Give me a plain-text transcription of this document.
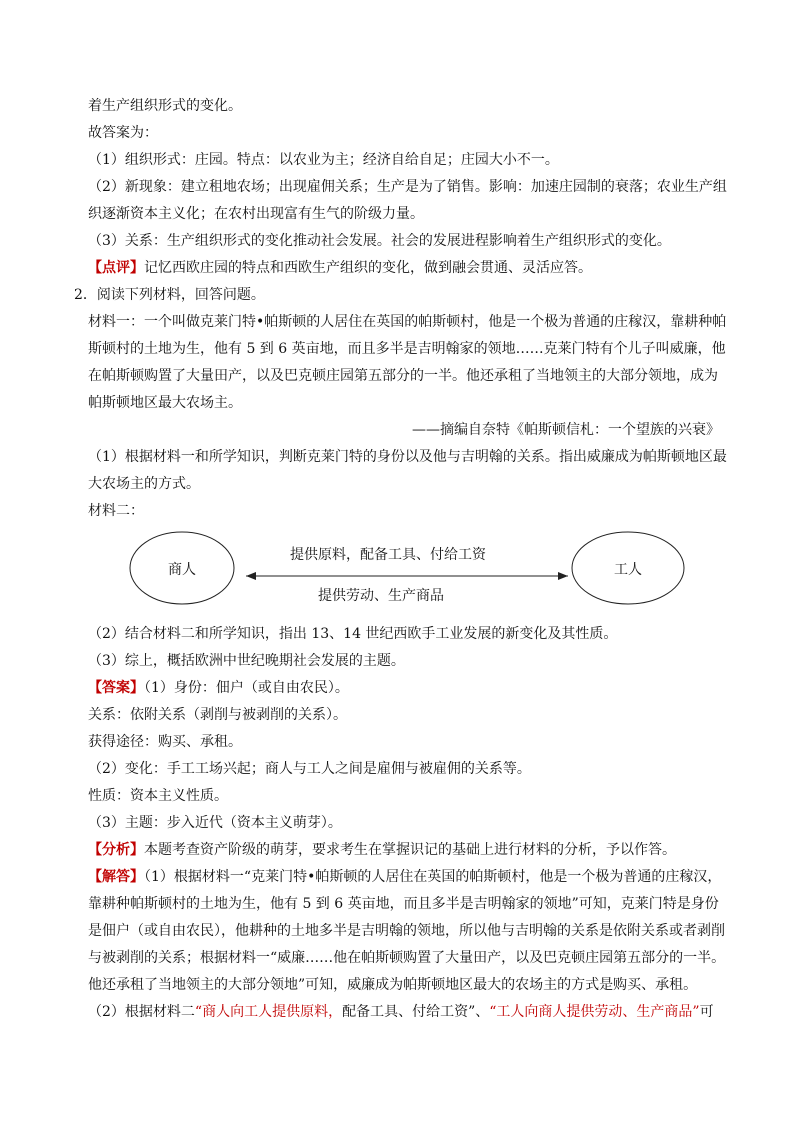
着生产组织形式的变化。
故答案为：
（1）组织形式：庄园。特点：以农业为主；经济自给自足；庄园大小不一。
（2）新现象：建立租地农场；出现雇佣关系；生产是为了销售。影响：加速庄园制的衰落；农业生产组
织逐渐资本主义化；在农村出现富有生气的阶级力量。
（3）关系：生产组织形式的变化推动社会发展。社会的发展进程影响着生产组织形式的变化。
【点评】记忆西欧庄园的特点和西欧生产组织的变化，做到融会贯通、灵活应答。
2．阅读下列材料，回答问题。
材料一：一个叫做克莱门特•帕斯顿的人居住在英国的帕斯顿村，他是一个极为普通的庄稼汉，靠耕种帕
斯顿村的土地为生，他有 5 到 6 英亩地，而且多半是吉明翰家的领地……克莱门特有个儿子叫威廉，他
在帕斯顿购置了大量田产，以及巴克顿庄园第五部分的一半。他还承租了当地领主的大部分领地，成为
帕斯顿地区最大农场主。
——摘编自奈特《帕斯顿信札：一个望族的兴衰》
（1）根据材料一和所学知识，判断克莱门特的身份以及他与吉明翰的关系。指出威廉成为帕斯顿地区最
大农场主的方式。
材料二：
商人	工人
提供原料，配备工具、付给工资
提供劳动、生产商品
（2）结合材料二和所学知识，指出 13、14 世纪西欧手工业发展的新变化及其性质。
（3）综上，概括欧洲中世纪晚期社会发展的主题。
【答案】（1）身份：佃户（或自由农民）。
关系：依附关系（剥削与被剥削的关系）。
获得途径：购买、承租。
（2）变化：手工工场兴起；商人与工人之间是雇佣与被雇佣的关系等。
性质：资本主义性质。
（3）主题：步入近代（资本主义萌芽）。
【分析】本题考查资产阶级的萌芽，要求考生在掌握识记的基础上进行材料的分析，予以作答。
【解答】（1）根据材料一“克莱门特•帕斯顿的人居住在英国的帕斯顿村，他是一个极为普通的庄稼汉，
靠耕种帕斯顿村的土地为生，他有 5 到 6 英亩地，而且多半是吉明翰家的领地”可知，克莱门特是身份
是佃户（或自由农民），他耕种的土地多半是吉明翰的领地，所以他与吉明翰的关系是依附关系或者剥削
与被剥削的关系；根据材料一“威廉……他在帕斯顿购置了大量田产，以及巴克顿庄园第五部分的一半。
他还承租了当地领主的大部分领地”可知，威廉成为帕斯顿地区最大的农场主的方式是购买、承租。
（2）根据材料二“商人向工人提供原料，配备工具、付给工资”、“工人向商人提供劳动、生产商品”可
